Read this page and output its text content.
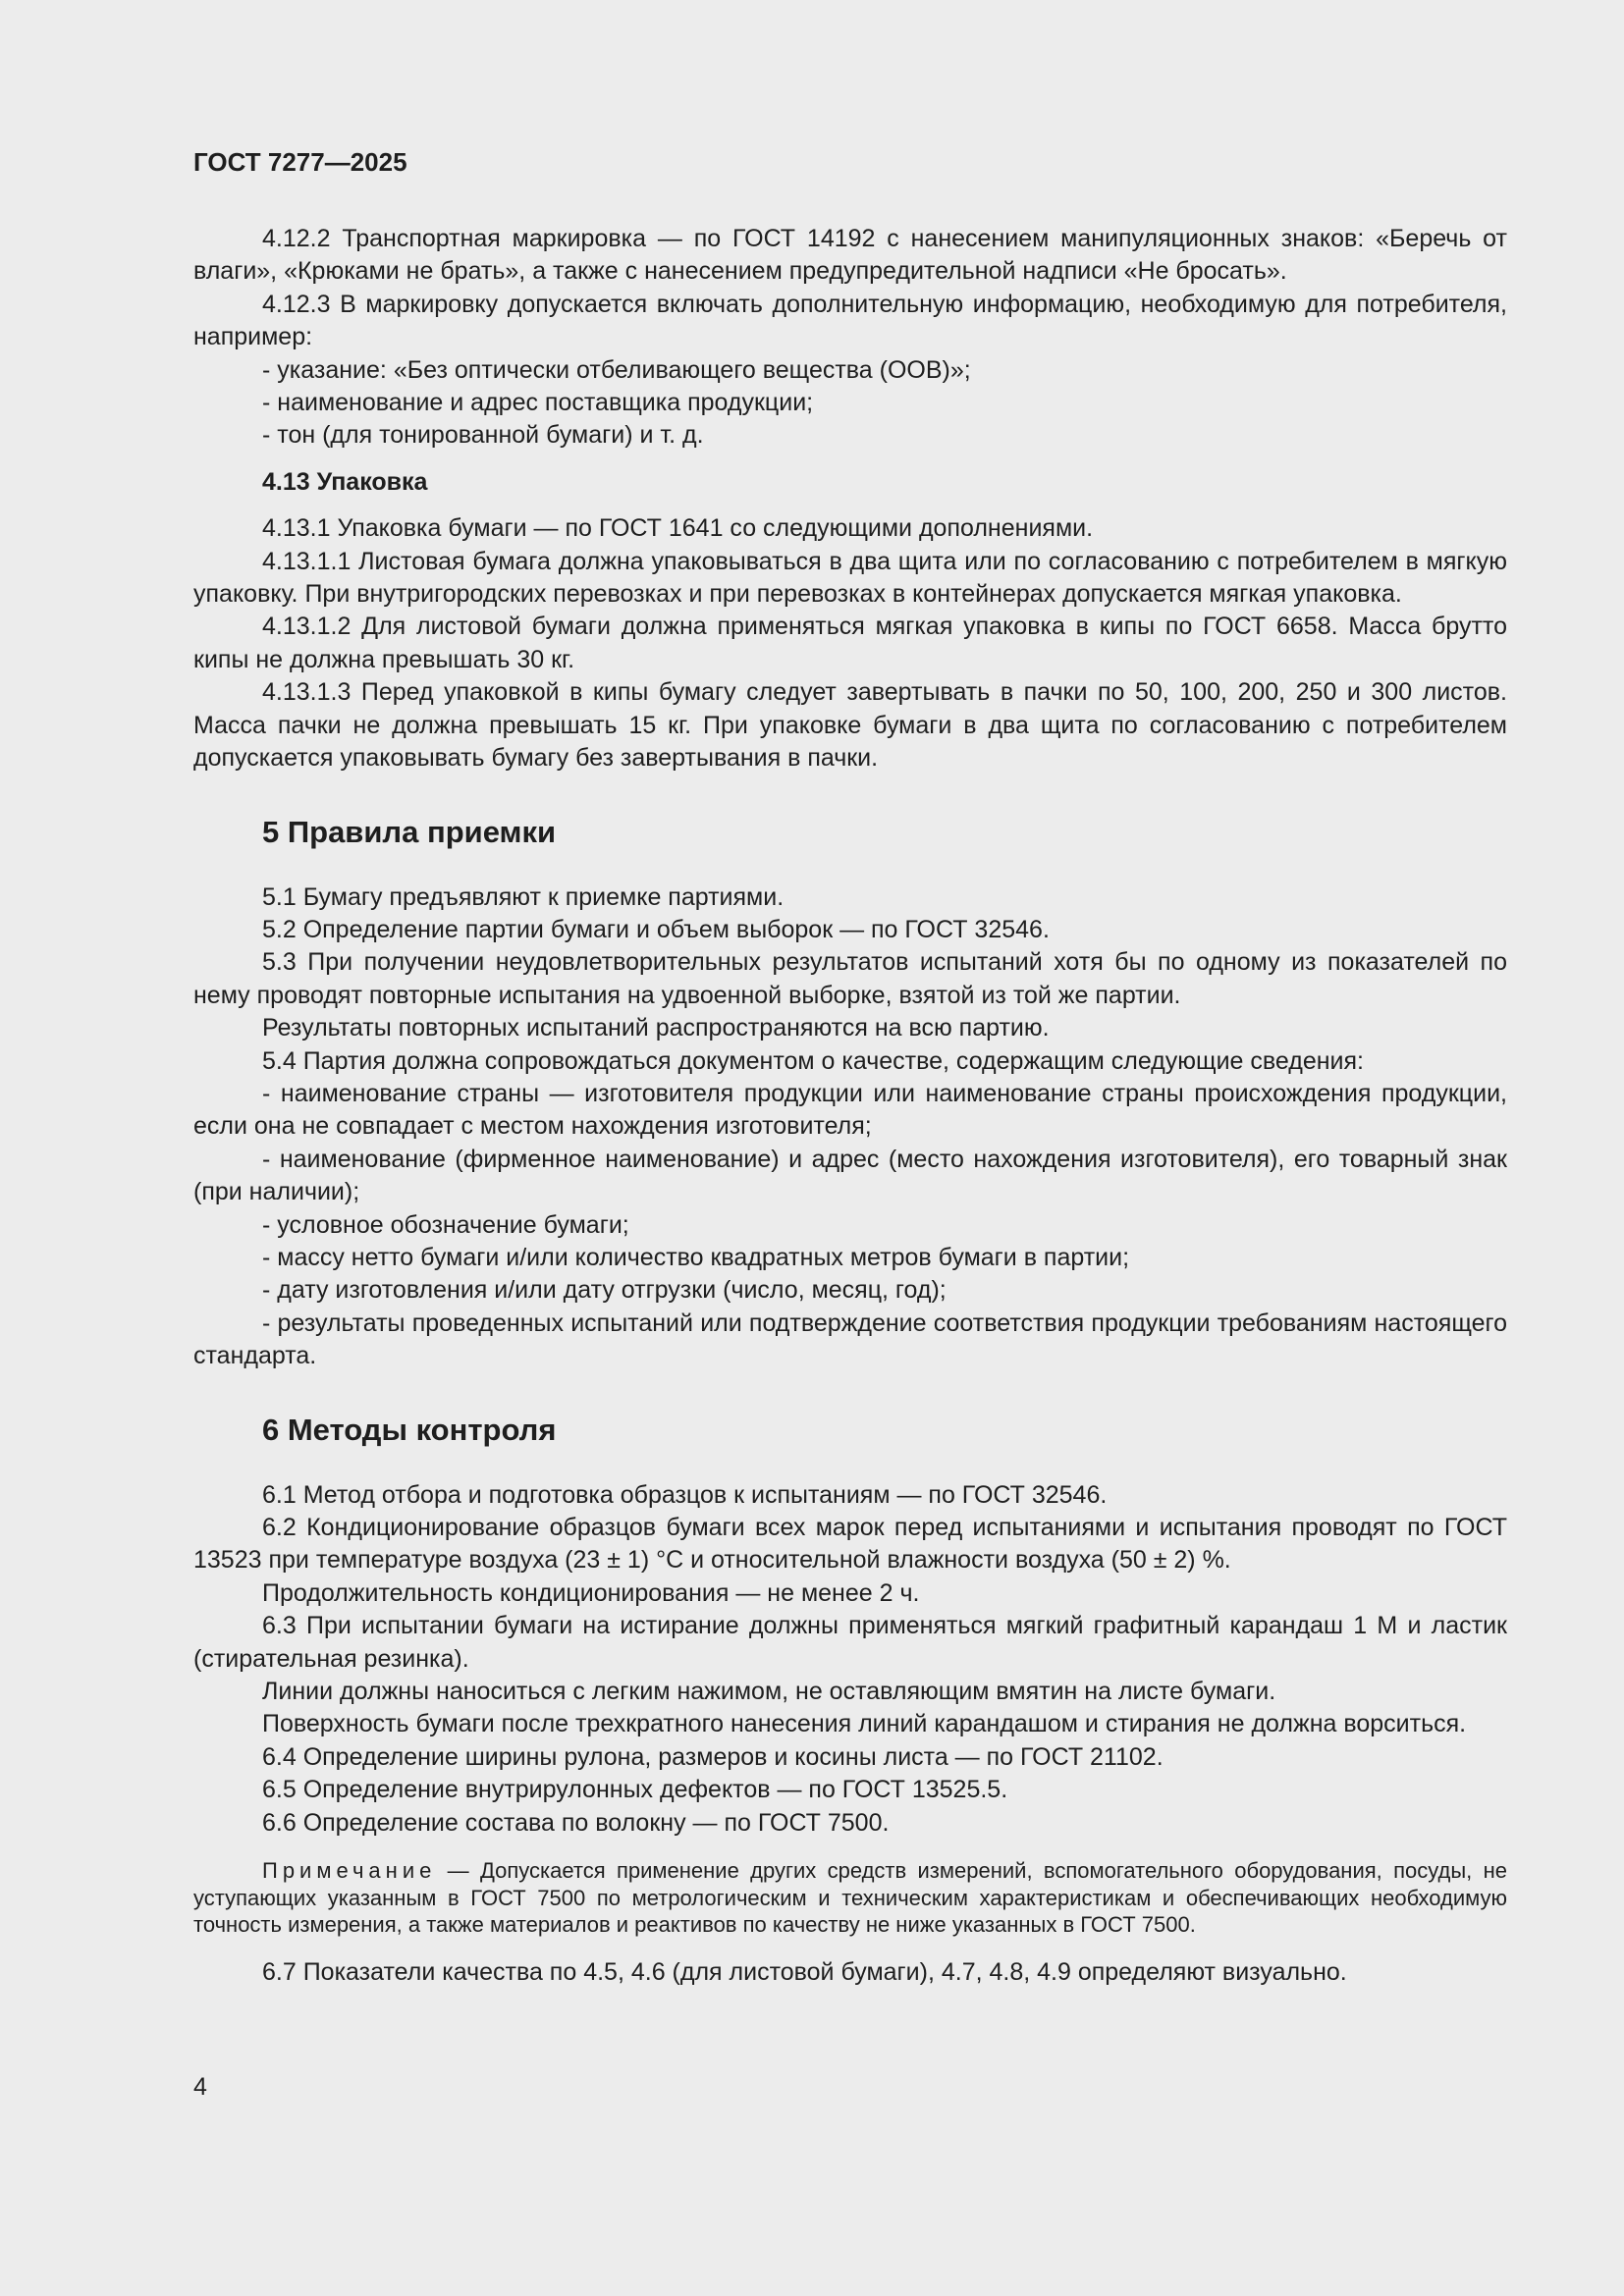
ГОСТ 7277—2025

4.12.2 Транспортная маркировка — по ГОСТ 14192 с нанесением манипуляционных знаков: «Беречь от влаги», «Крюками не брать», а также с нанесением предупредительной надписи «Не бросать».

4.12.3 В маркировку допускается включать дополнительную информацию, необходимую для потребителя, например:

- указание: «Без оптически отбеливающего вещества (ООВ)»;

- наименование и адрес поставщика продукции;

- тон (для тонированной бумаги) и т. д.

4.13 Упаковка

4.13.1 Упаковка бумаги — по ГОСТ 1641 со следующими дополнениями.

4.13.1.1 Листовая бумага должна упаковываться в два щита или по согласованию с потребителем в мягкую упаковку. При внутригородских перевозках и при перевозках в контейнерах допускается мягкая упаковка.

4.13.1.2 Для листовой бумаги должна применяться мягкая упаковка в кипы по ГОСТ 6658. Масса брутто кипы не должна превышать 30 кг.

4.13.1.3 Перед упаковкой в кипы бумагу следует завертывать в пачки по 50, 100, 200, 250 и 300 листов. Масса пачки не должна превышать 15 кг. При упаковке бумаги в два щита по согласованию с потребителем допускается упаковывать бумагу без завертывания в пачки.

5 Правила приемки

5.1 Бумагу предъявляют к приемке партиями.

5.2 Определение партии бумаги и объем выборок — по ГОСТ 32546.

5.3 При получении неудовлетворительных результатов испытаний хотя бы по одному из показателей по нему проводят повторные испытания на удвоенной выборке, взятой из той же партии.

Результаты повторных испытаний распространяются на всю партию.

5.4 Партия должна сопровождаться документом о качестве, содержащим следующие сведения:

- наименование страны — изготовителя продукции или наименование страны происхождения продукции, если она не совпадает с местом нахождения изготовителя;

- наименование (фирменное наименование) и адрес (место нахождения изготовителя), его товарный знак (при наличии);

- условное обозначение бумаги;

- массу нетто бумаги и/или количество квадратных метров бумаги в партии;

- дату изготовления и/или дату отгрузки (число, месяц, год);

- результаты проведенных испытаний или подтверждение соответствия продукции требованиям настоящего стандарта.

6 Методы контроля

6.1 Метод отбора и подготовка образцов к испытаниям — по ГОСТ 32546.

6.2 Кондиционирование образцов бумаги всех марок перед испытаниями и испытания проводят по ГОСТ 13523 при температуре воздуха (23 ± 1) °С и относительной влажности воздуха (50 ± 2) %.

Продолжительность кондиционирования — не менее 2 ч.

6.3 При испытании бумаги на истирание должны применяться мягкий графитный карандаш 1 М и ластик (стирательная резинка).

Линии должны наноситься с легким нажимом, не оставляющим вмятин на листе бумаги.

Поверхность бумаги после трехкратного нанесения линий карандашом и стирания не должна ворситься.

6.4 Определение ширины рулона, размеров и косины листа — по ГОСТ 21102.

6.5 Определение внутрирулонных дефектов — по ГОСТ 13525.5.

6.6 Определение состава по волокну — по ГОСТ 7500.

Примечание — Допускается применение других средств измерений, вспомогательного оборудования, посуды, не уступающих указанным в ГОСТ 7500 по метрологическим и техническим характеристикам и обеспечивающих необходимую точность измерения, а также материалов и реактивов по качеству не ниже указанных в ГОСТ 7500.

6.7 Показатели качества по 4.5, 4.6 (для листовой бумаги), 4.7, 4.8, 4.9 определяют визуально.

4
